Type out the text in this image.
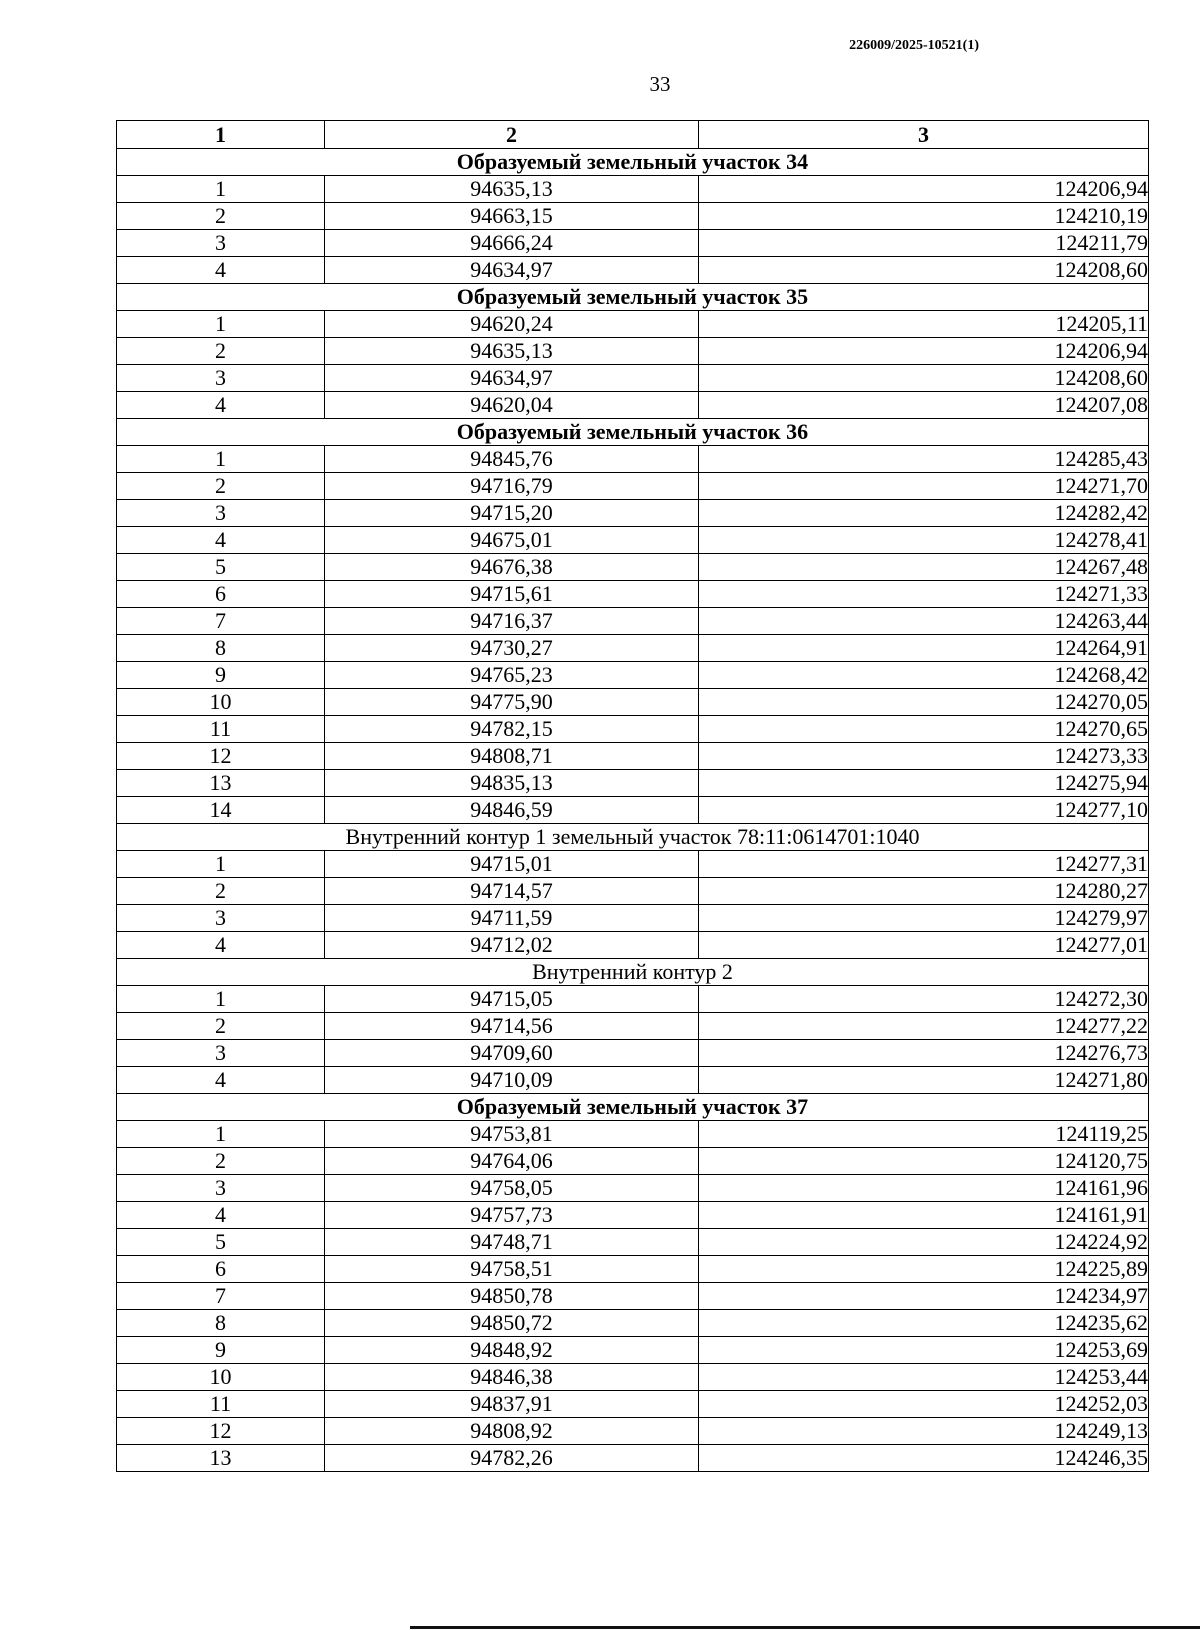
226009/2025-10521(1)
33
1	2	3
Образуемый земельный участок 34		
1	94635,13	124206,94
2	94663,15	124210,19
3	94666,24	124211,79
4	94634,97	124208,60
Образуемый земельный участок 35		
1	94620,24	124205,11
2	94635,13	124206,94
3	94634,97	124208,60
4	94620,04	124207,08
Образуемый земельный участок 36		
1	94845,76	124285,43
2	94716,79	124271,70
3	94715,20	124282,42
4	94675,01	124278,41
5	94676,38	124267,48
6	94715,61	124271,33
7	94716,37	124263,44
8	94730,27	124264,91
9	94765,23	124268,42
10	94775,90	124270,05
11	94782,15	124270,65
12	94808,71	124273,33
13	94835,13	124275,94
14	94846,59	124277,10
Внутренний контур 1 земельный участок 78:11:0614701:1040		
1	94715,01	124277,31
2	94714,57	124280,27
3	94711,59	124279,97
4	94712,02	124277,01
Внутренний контур 2		
1	94715,05	124272,30
2	94714,56	124277,22
3	94709,60	124276,73
4	94710,09	124271,80
Образуемый земельный участок 37		
1	94753,81	124119,25
2	94764,06	124120,75
3	94758,05	124161,96
4	94757,73	124161,91
5	94748,71	124224,92
6	94758,51	124225,89
7	94850,78	124234,97
8	94850,72	124235,62
9	94848,92	124253,69
10	94846,38	124253,44
11	94837,91	124252,03
12	94808,92	124249,13
13	94782,26	124246,35
